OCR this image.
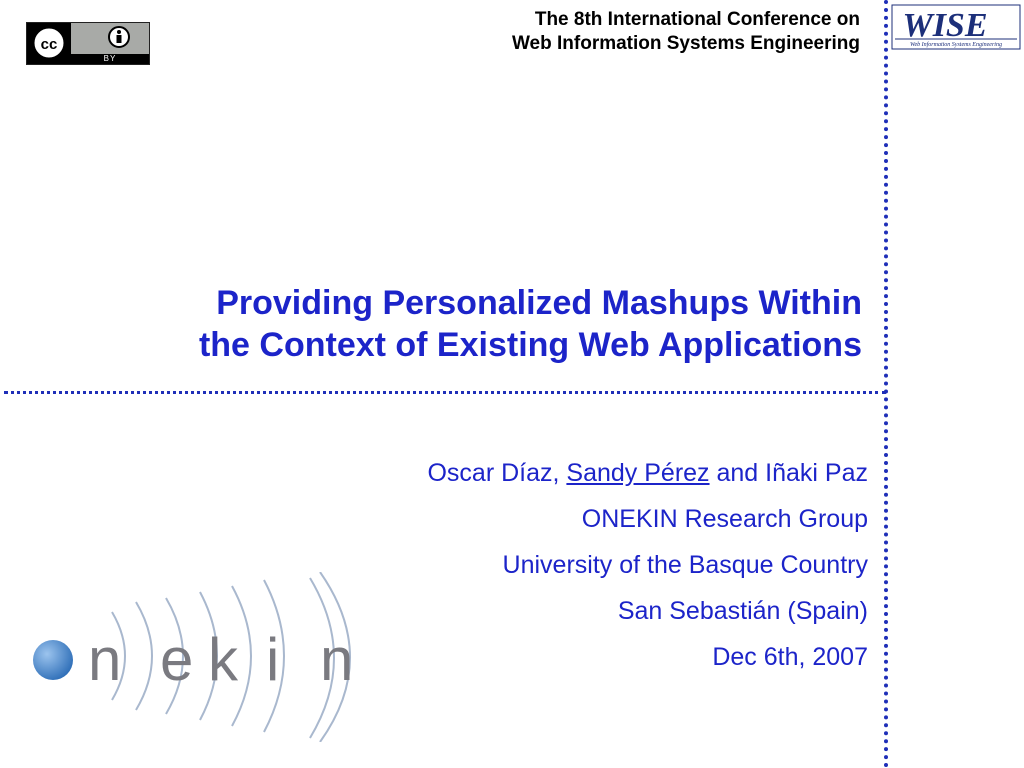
cc
BY
The 8th International Conference on
Web Information Systems Engineering WISE
Web Information Systems Engineering
Providing Personalized Mashups Within
the Context of Existing Web Applications
Oscar Díaz, Sandy Pérez and Iñaki Paz
ONEKIN Research Group
University of the Basque Country
San Sebastián (Spain)
Dec 6th, 2007
n e k i n
